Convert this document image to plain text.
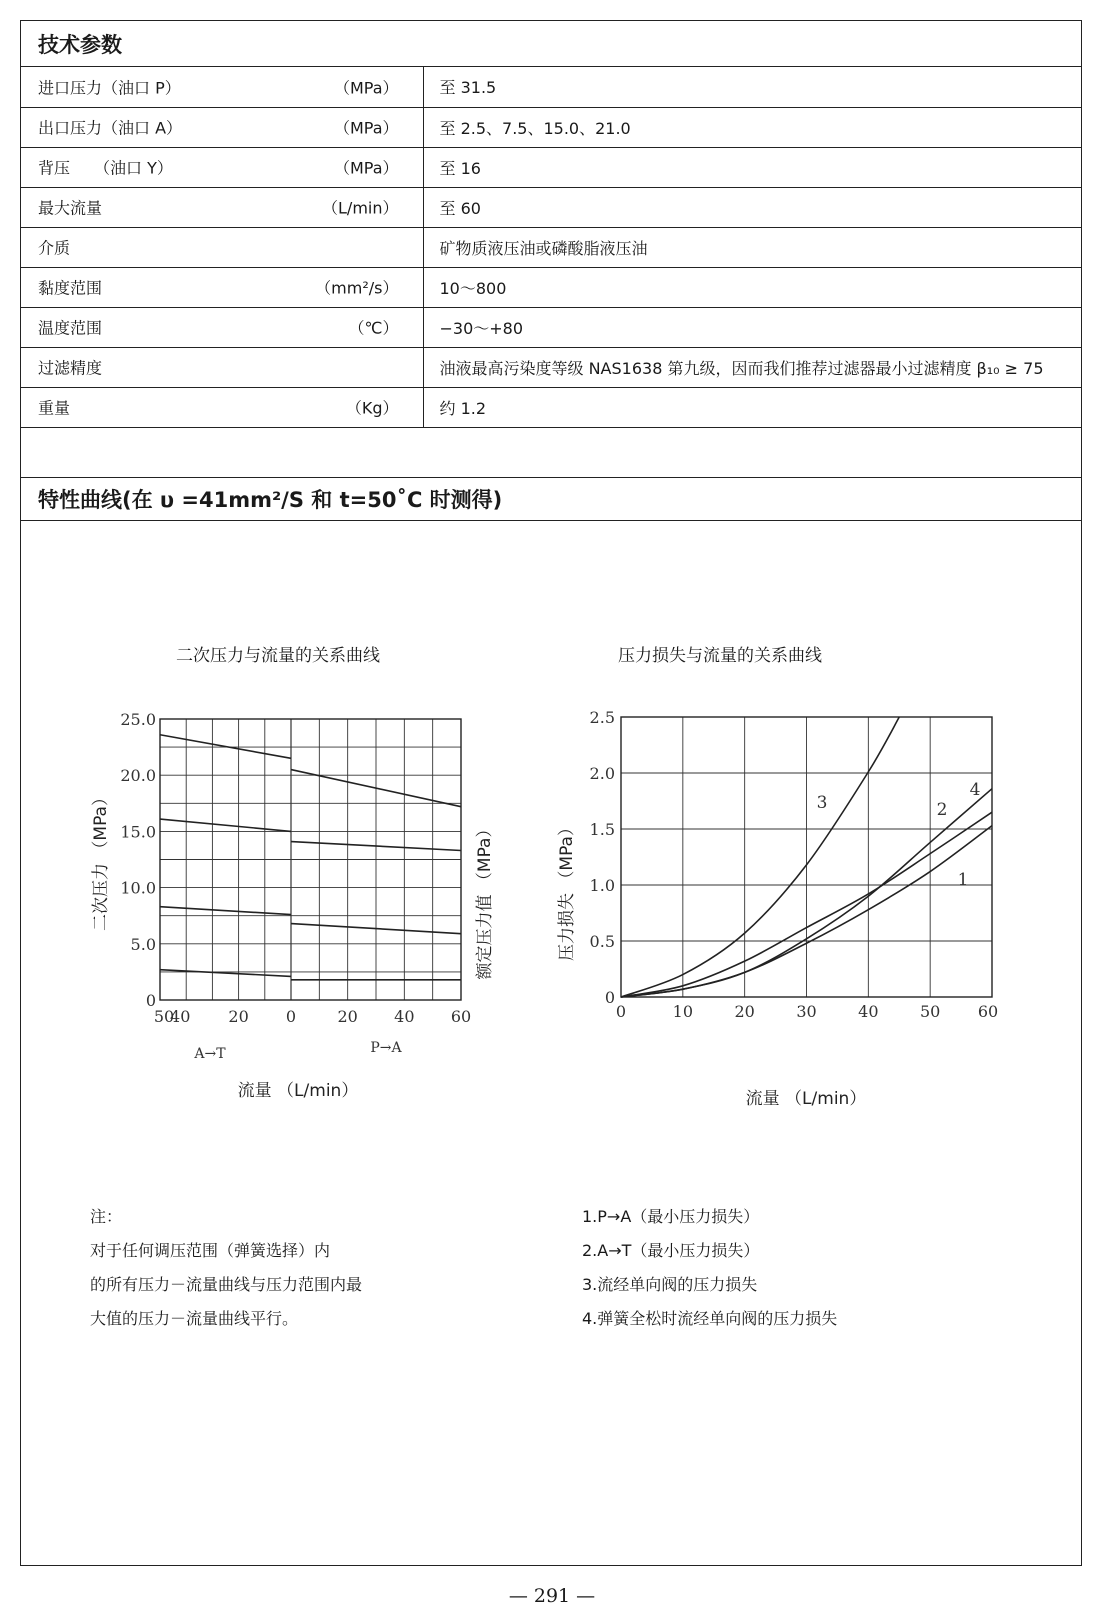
技术参数
进口压力（油口 P） （MPa）	至 31.5

出口压力（油口 A） （MPa）	至 2.5、7.5、15.0、21.0

背压　　（油口 Y） （MPa）	至 16

最大流量 （L/min）	至 60

介质	矿物质液压油或磷酸脂液压油

黏度范围 （mm²/s）	10～800

温度范围 （℃）	−30～+80

过滤精度	油液最高污染度等级 NAS1638 第九级，因而我们推荐过滤器最小过滤精度 β₁₀ ≥ 75

重量 （Kg）	约 1.2
特性曲线(在 υ =41mm²/S 和 t=50˚C 时测得)
二次压力与流量的关系曲线
0
5.0
10.0
15.0
20.0
25.0
50
40 20 0	20 40 60
A→T	P→A
二次压力 （MPa）	额定压力值 （MPa）
流量 （L/min）
压力损失与流量的关系曲线
0
0.5
1.0
1.5
2.0
2.5
0	10	20	30	40	50 60
1
2
3
4
压力损失 （MPa）
流量 （L/min）
注：
对于任何调压范围（弹簧选择）内
的所有压力－流量曲线与压力范围内最
大值的压力－流量曲线平行。
1.P→A（最小压力损失）
2.A→T（最小压力损失）
3.流经单向阀的压力损失
4.弹簧全松时流经单向阀的压力损失
— 291 —
